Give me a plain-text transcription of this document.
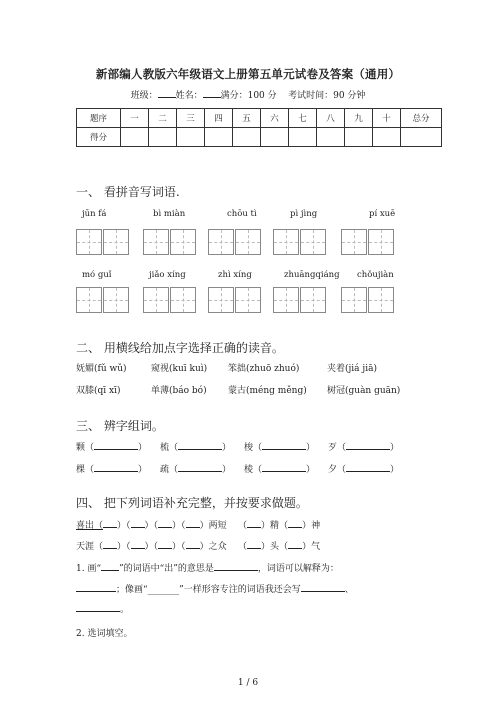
新部编人教版六年级语文上册第五单元试卷及答案（通用）
班级： 姓名： 满分：100 分 考试时间：90 分钟
题序	一	二	三	四	五	六	七	八	九	十	总分
得分											
一、 看拼音写词语.
jūn fá	bì miàn	chōu tì	pì jìng	pí xuē
mó guǐ	jiǎo xíng	zhì xíng	zhuāngqiáng chǒujiàn
二、 用横线给加点字选择正确的读音。
妩媚(fǔ wǔ)	窥视(kuī kuì) 笨拙(zhuō zhuó)	夹着(jiá jiā)
双膝(qī xī)	单薄(báo bó) 蒙古(méng měng) 树冠(guàn guān)
三、 辨字组词。
颗（	） 梳（	） 梭（	） 歹（	）
棵（	） 疏（	） 棱（	） 夕（	）
四、 把下列词语补充完整，并按要求做题。
喜出（ ）（ ）（ ）（ ）两短 （ ）精（ ）神
天涯（ ）（ ）（ ）（ ）之众 （ ）头（ ）气
1. 画“ ”的词语中“出”的意思是	，词语可以解释为：
；像画“_______”一样形容专注的词语我还会写	、
。
2. 选词填空。
1 / 6
